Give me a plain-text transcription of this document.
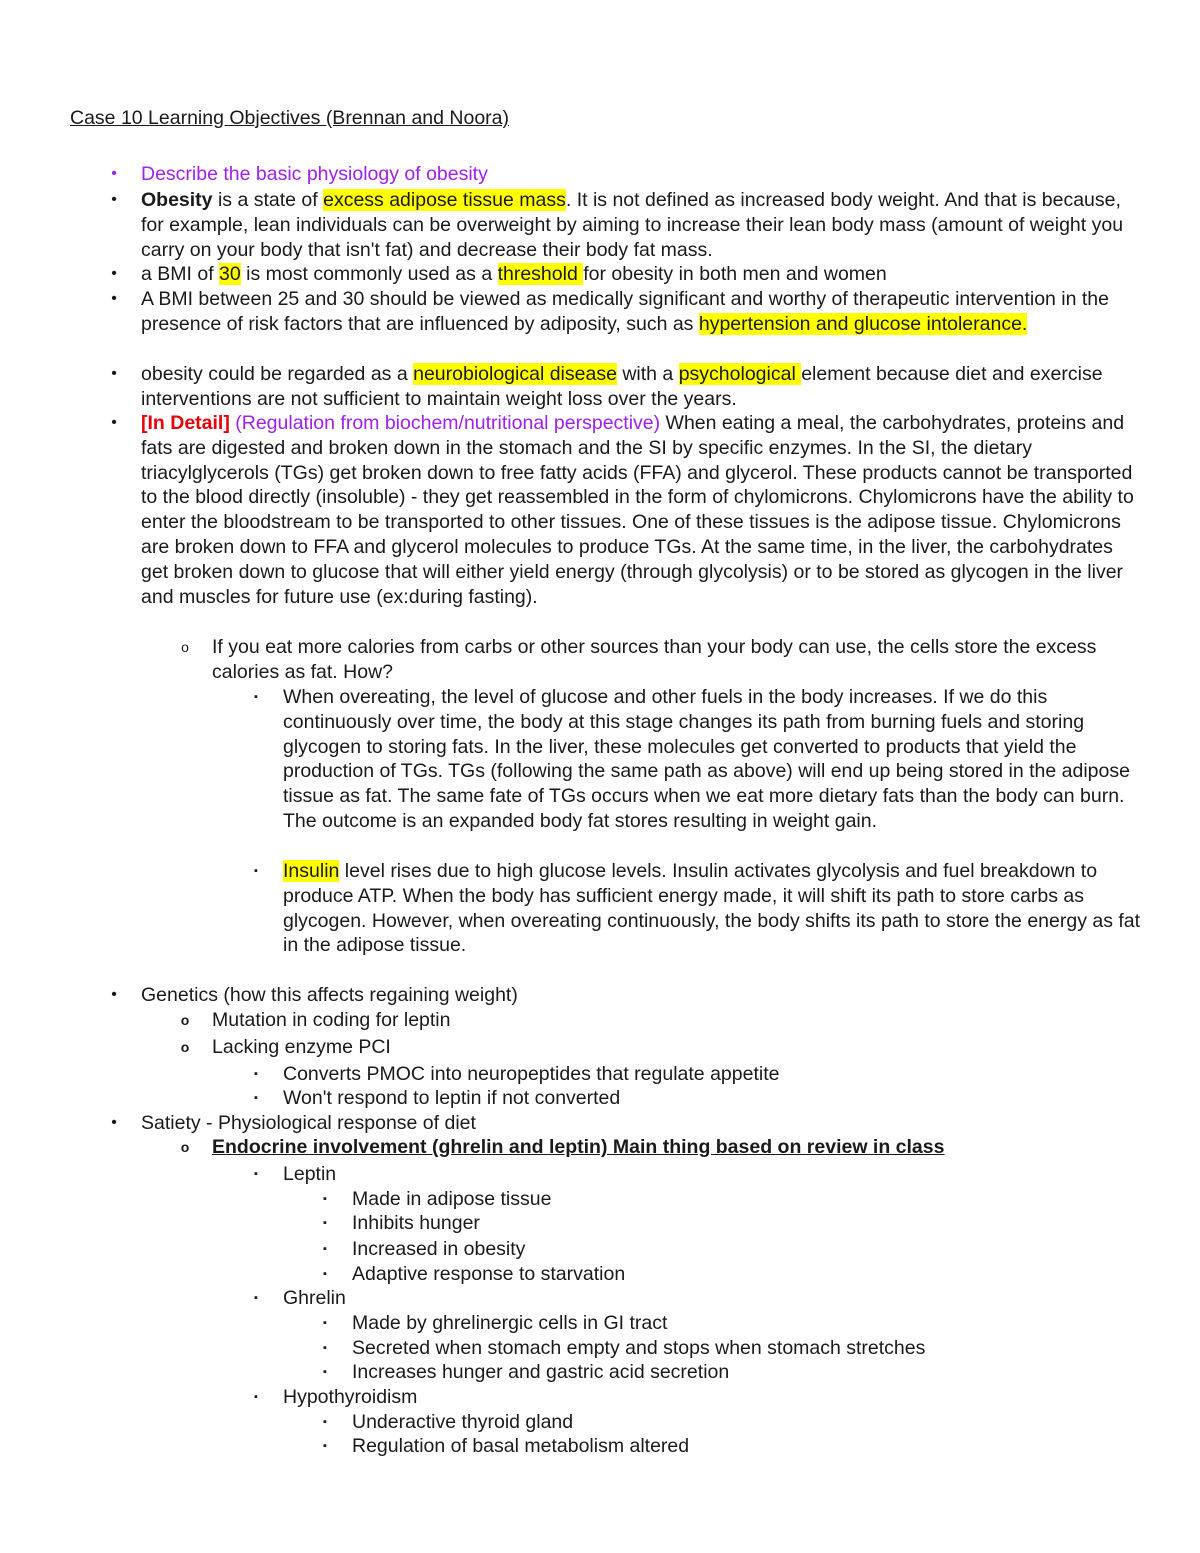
Case 10 Learning Objectives (Brennan and Noora)
•	Describe the basic physiology of obesity
•	Obesity is a state of excess adipose tissue mass. It is not defined as increased body weight. And that is because, for example, lean individuals can be overweight by aiming to increase their lean body mass (amount of weight you carry on your body that isn't fat) and decrease their body fat mass.
•	a BMI of 30 is most commonly used as a threshold for obesity in both men and women
•	A BMI between 25 and 30 should be viewed as medically significant and worthy of therapeutic intervention in the presence of risk factors that are influenced by adiposity, such as hypertension and glucose intolerance.
•	obesity could be regarded as a neurobiological disease with a psychological element because diet and exercise interventions are not sufficient to maintain weight loss over the years.
•	[In Detail] (Regulation from biochem/nutritional perspective) When eating a meal, the carbohydrates, proteins and fats are digested and broken down in the stomach and the SI by specific enzymes. In the SI, the dietary triacylglycerols (TGs) get broken down to free fatty acids (FFA) and glycerol. These products cannot be transported to the blood directly (insoluble) - they get reassembled in the form of chylomicrons. Chylomicrons have the ability to enter the bloodstream to be transported to other tissues. One of these tissues is the adipose tissue. Chylomicrons are broken down to FFA and glycerol molecules to produce TGs. At the same time, in the liver, the carbohydrates get broken down to glucose that will either yield energy (through glycolysis) or to be stored as glycogen in the liver and muscles for future use (ex:during fasting).
o If you eat more calories from carbs or other sources than your body can use, the cells store the excess calories as fat. How?
▪	When overeating, the level of glucose and other fuels in the body increases. If we do this continuously over time, the body at this stage changes its path from burning fuels and storing glycogen to storing fats. In the liver, these molecules get converted to products that yield the production of TGs. TGs (following the same path as above) will end up being stored in the adipose tissue as fat. The same fate of TGs occurs when we eat more dietary fats than the body can burn. The outcome is an expanded body fat stores resulting in weight gain.
▪	Insulin level rises due to high glucose levels. Insulin activates glycolysis and fuel breakdown to produce ATP. When the body has sufficient energy made, it will shift its path to store carbs as glycogen. However, when overeating continuously, the body shifts its path to store the energy as fat in the adipose tissue.
•	Genetics (how this affects regaining weight)
o Mutation in coding for leptin
o Lacking enzyme PCI
▪	Converts PMOC into neuropeptides that regulate appetite
▪	Won't respond to leptin if not converted
•	Satiety - Physiological response of diet
o Endocrine involvement (ghrelin and leptin) Main thing based on review in class
▪	Leptin
▪	Made in adipose tissue
▪	Inhibits hunger
▪	Increased in obesity
▪	Adaptive response to starvation
▪	Ghrelin
▪	Made by ghrelinergic cells in GI tract
▪	Secreted when stomach empty and stops when stomach stretches
▪	Increases hunger and gastric acid secretion
▪	Hypothyroidism
▪	Underactive thyroid gland
▪	Regulation of basal metabolism altered
